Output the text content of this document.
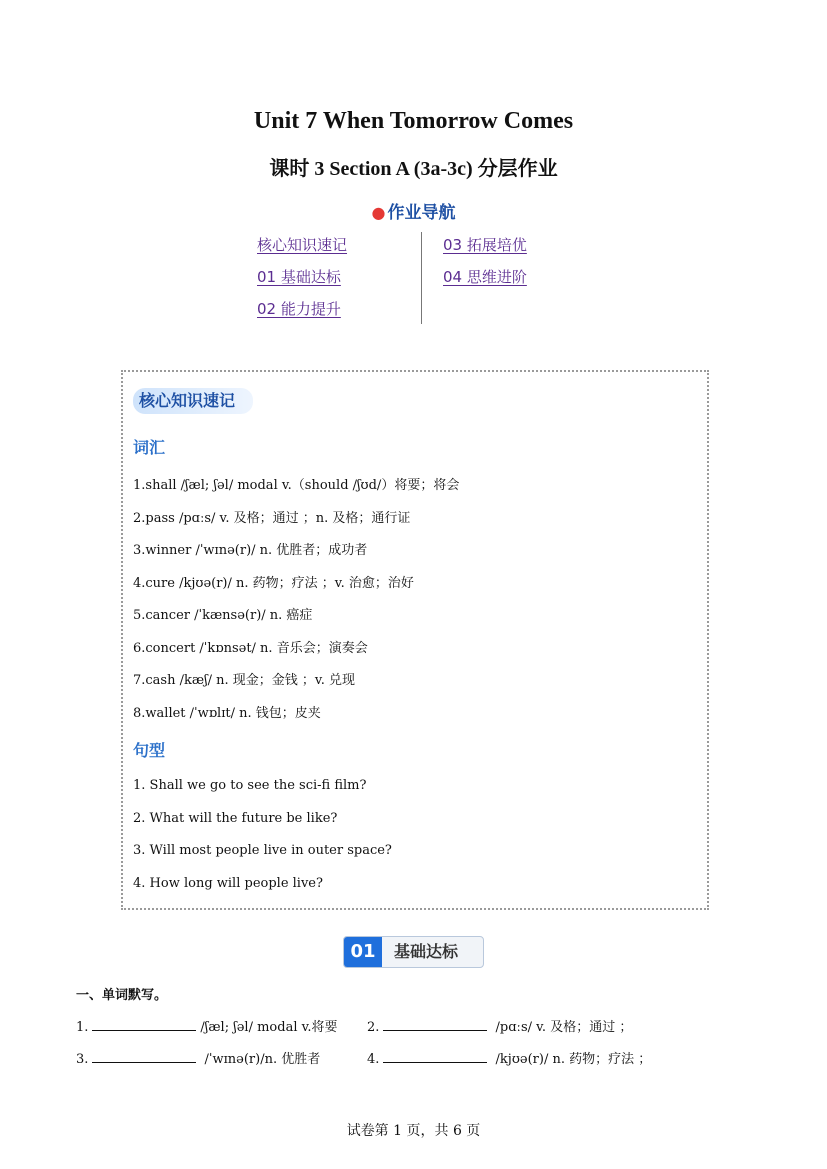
Unit 7 When Tomorrow Comes
课时 3 Section A (3a-3c) 分层作业
● 作业导航
核心知识速记
01 基础达标
02 能力提升
03 拓展培优
04 思维进阶
核心知识速记
词汇
1.shall /ʃæl; ʃəl/ modal v.（should /ʃʊd/）将要；将会
2.pass /pɑːs/ v. 及格；通过 ；n. 及格；通行证
3.winner /ˈwɪnə(r)/ n. 优胜者；成功者
4.cure /kjʊə(r)/ n. 药物；疗法 ；v. 治愈；治好
5.cancer /ˈkænsə(r)/ n. 癌症
6.concert /ˈkɒnsət/ n. 音乐会；演奏会
7.cash /kæʃ/ n. 现金；金钱 ；v. 兑现
8.wallet /ˈwɒlɪt/ n. 钱包；皮夹
句型
1. Shall we go to see the sci-fi film?
2. What will the future be like?
3. Will most people live in outer space?
4. How long will people live?
01	基础达标
一、单词默写。
1.	/ʃæl; ʃəl/ modal v.将要 2.	/pɑːs/ v. 及格；通过 ；
3.	/ˈwɪnə(r)/n. 优胜者	4.	/kjʊə(r)/ n. 药物；疗法 ；
试卷第 1 页，共 6 页
